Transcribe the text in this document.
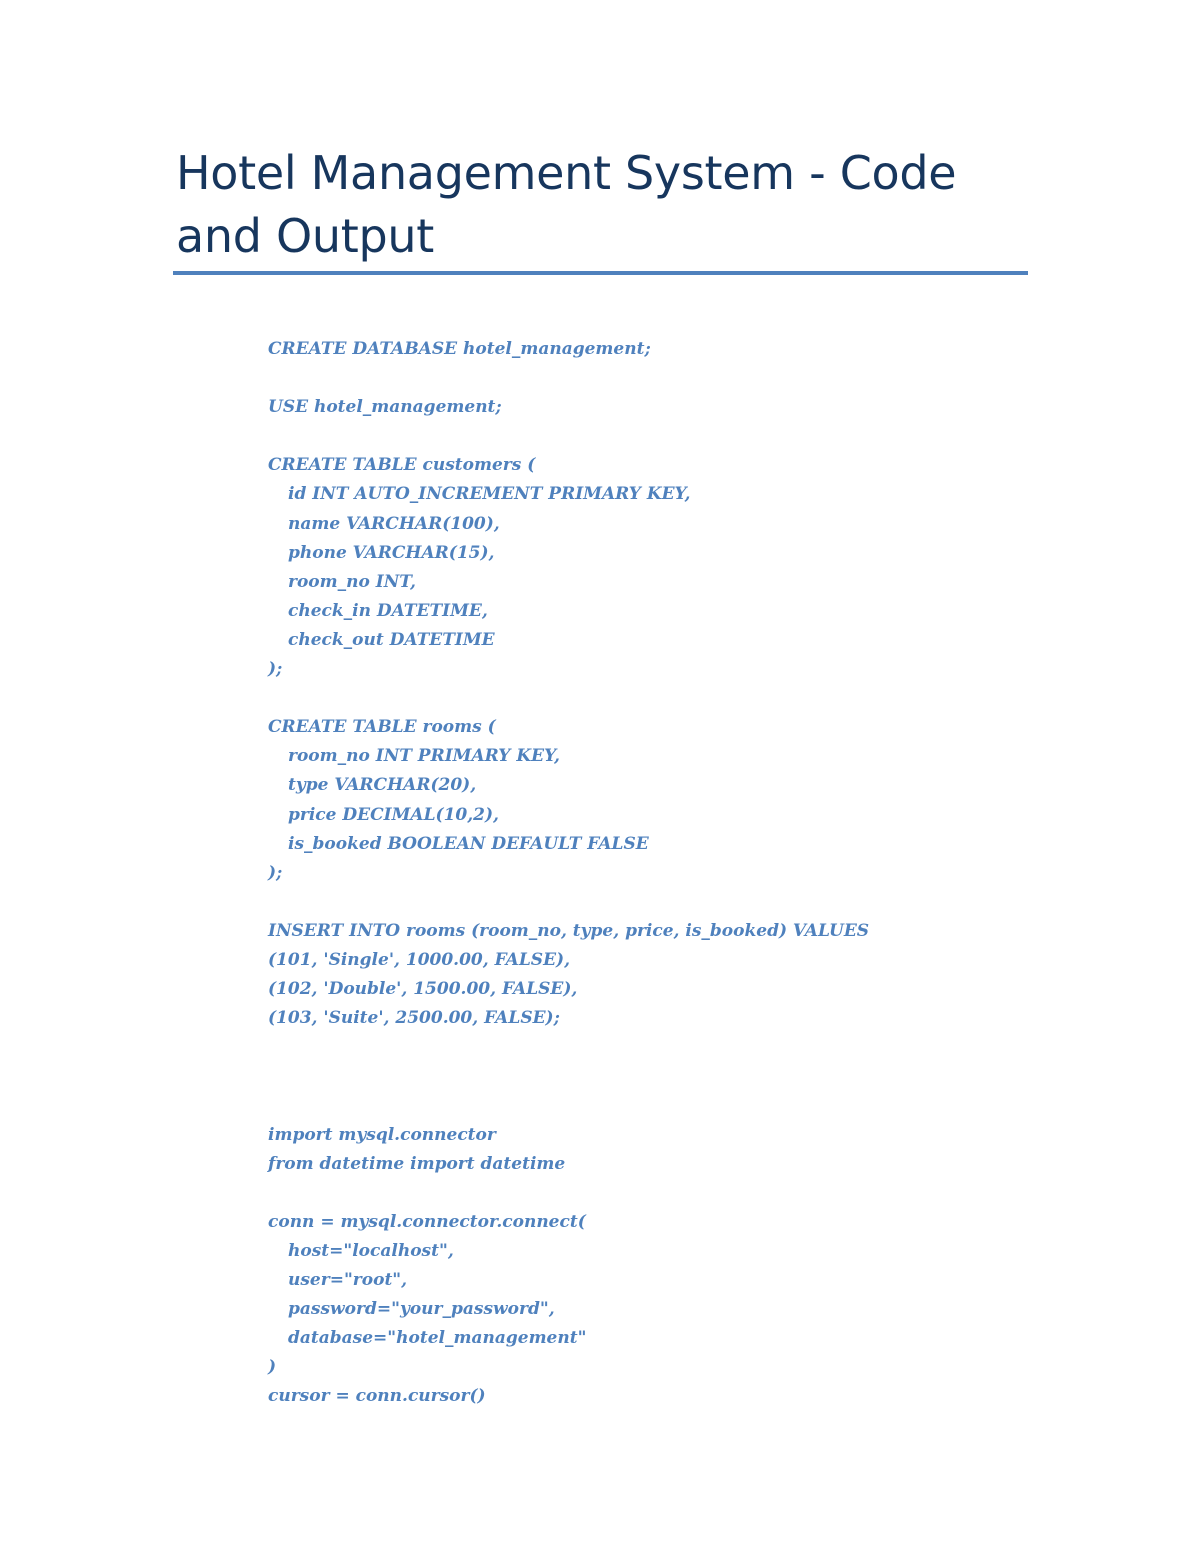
Hotel Management System - Code and Output
CREATE DATABASE hotel_management;
USE hotel_management;
CREATE TABLE customers (
id INT AUTO_INCREMENT PRIMARY KEY,
name VARCHAR(100),
phone VARCHAR(15),
room_no INT,
check_in DATETIME,
check_out DATETIME
);
CREATE TABLE rooms (
room_no INT PRIMARY KEY,
type VARCHAR(20),
price DECIMAL(10,2),
is_booked BOOLEAN DEFAULT FALSE
);
INSERT INTO rooms (room_no, type, price, is_booked) VALUES
(101, 'Single', 1000.00, FALSE),
(102, 'Double', 1500.00, FALSE),
(103, 'Suite', 2500.00, FALSE);
import mysql.connector
from datetime import datetime
conn = mysql.connector.connect(
host="localhost",
user="root",
password="your_password",
database="hotel_management"
)
cursor = conn.cursor()
